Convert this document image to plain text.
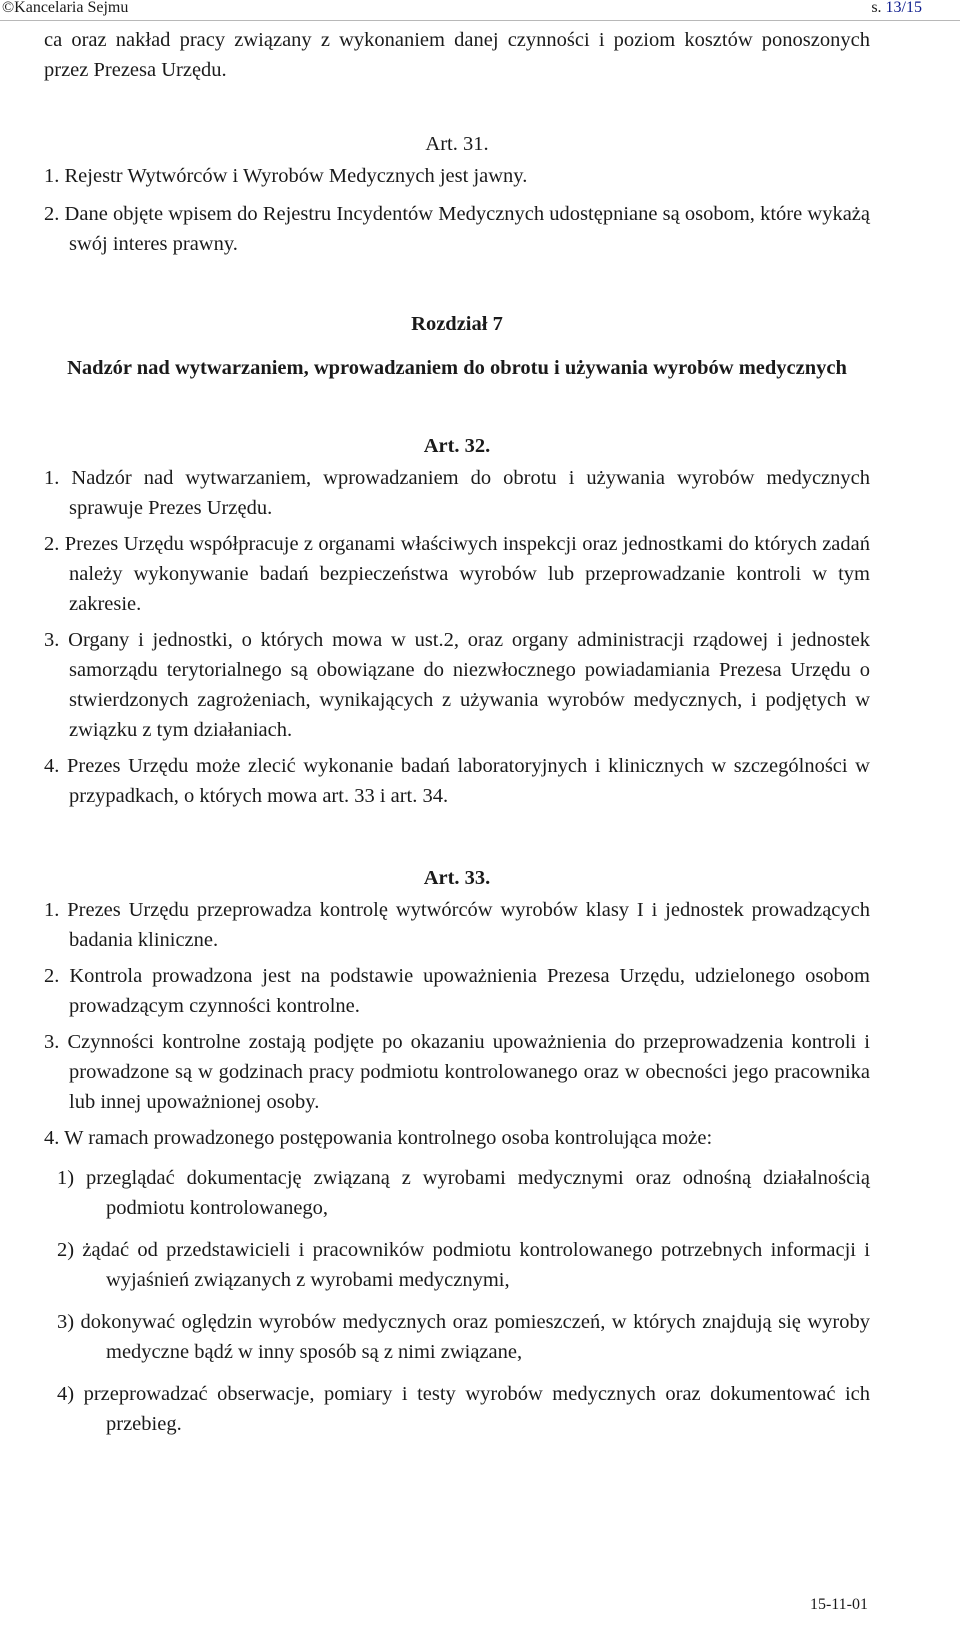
©Kancelaria Sejmu	s. 13/15

ca oraz nakład pracy związany z wykonaniem danej czynności i poziom kosztów ponoszonych przez Prezesa Urzędu.

Art. 31.

1. Rejestr Wytwórców i Wyrobów Medycznych jest jawny.

2. Dane objęte wpisem do Rejestru Incydentów Medycznych udostępniane są osobom, które wykażą swój interes prawny.

Rozdział 7

Nadzór nad wytwarzaniem, wprowadzaniem do obrotu i używania wyrobów medycznych

Art. 32.

1. Nadzór nad wytwarzaniem, wprowadzaniem do obrotu i używania wyrobów medycznych sprawuje Prezes Urzędu.

2. Prezes Urzędu współpracuje z organami właściwych inspekcji oraz jednostkami do których zadań należy wykonywanie badań bezpieczeństwa wyrobów lub przeprowadzanie kontroli w tym zakresie.

3. Organy i jednostki, o których mowa w ust.2, oraz organy administracji rządowej i jednostek samorządu terytorialnego są obowiązane do niezwłocznego powiadamiania Prezesa Urzędu o stwierdzonych zagrożeniach, wynikających z używania wyrobów medycznych, i podjętych w związku z tym działaniach.

4. Prezes Urzędu może zlecić wykonanie badań laboratoryjnych i klinicznych w szczególności w przypadkach, o których mowa art. 33 i art. 34.

Art. 33.

1. Prezes Urzędu przeprowadza kontrolę wytwórców wyrobów klasy I i jednostek prowadzących badania kliniczne.

2. Kontrola prowadzona jest na podstawie upoważnienia Prezesa Urzędu, udzielonego osobom prowadzącym czynności kontrolne.

3. Czynności kontrolne zostają podjęte po okazaniu upoważnienia do przeprowadzenia kontroli i prowadzone są w godzinach pracy podmiotu kontrolowanego oraz w obecności jego pracownika lub innej upoważnionej osoby.

4. W ramach prowadzonego postępowania kontrolnego osoba kontrolująca może:

1) przeglądać dokumentację związaną z wyrobami medycznymi oraz odnośną działalnością podmiotu kontrolowanego,

2) żądać od przedstawicieli i pracowników podmiotu kontrolowanego potrzebnych informacji i wyjaśnień związanych z wyrobami medycznymi,

3) dokonywać oględzin wyrobów medycznych oraz pomieszczeń, w których znajdują się wyroby medyczne bądź w inny sposób są z nimi związane,

4) przeprowadzać obserwacje, pomiary i testy wyrobów medycznych oraz dokumentować ich przebieg.

15-11-01
